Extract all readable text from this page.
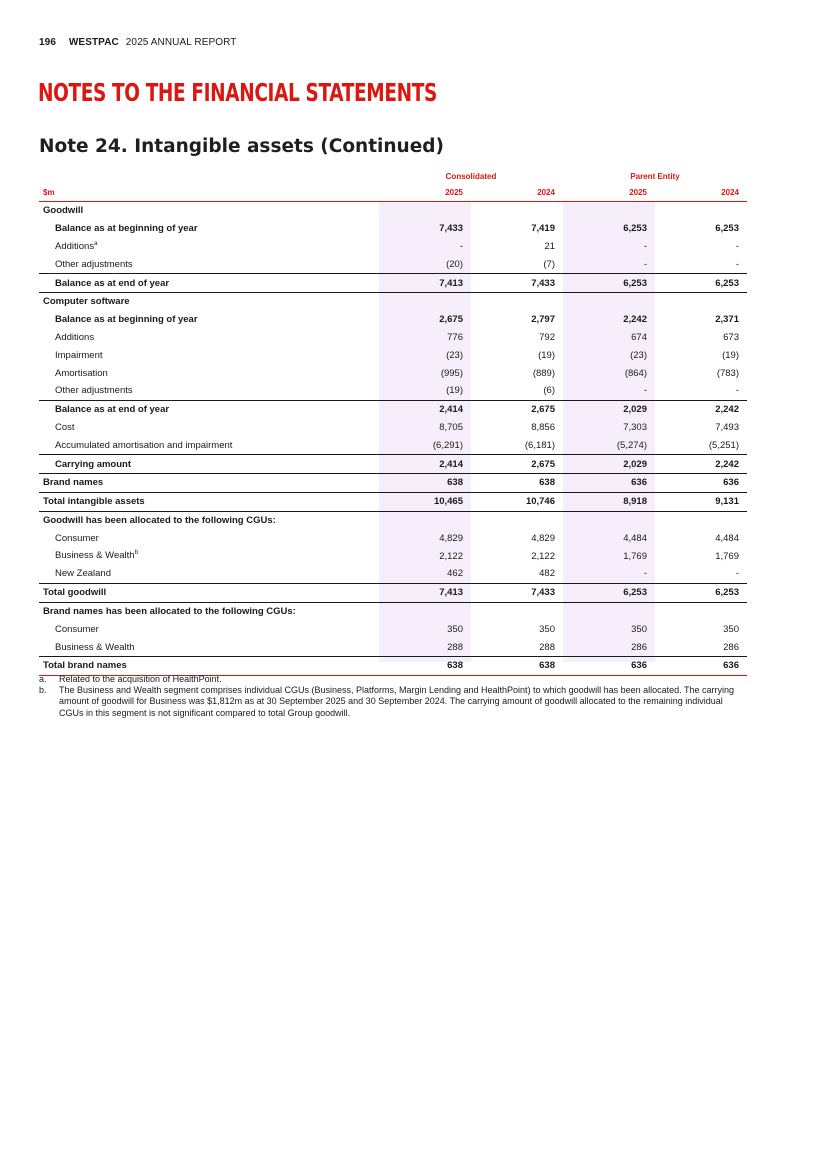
196 WESTPAC 2025 ANNUAL REPORT
NOTES TO THE FINANCIAL STATEMENTS
Note 24. Intangible assets (Continued)
Consolidated	Parent Entity
$m	2025	2024	2025	2024
Goodwill				
Balance as at beginning of year	7,433	7,419	6,253	6,253
Additions$^a$	-	21	-	-
Other adjustments	(20)	(7)	-	-
Balance as at end of year	7,413	7,433	6,253	6,253
Computer software				
Balance as at beginning of year	2,675	2,797	2,242	2,371
Additions	776	792	674	673
Impairment	(23)	(19)	(23)	(19)
Amortisation	(995)	(889)	(864)	(783)
Other adjustments	(19)	(6)	-	-
Balance as at end of year	2,414	2,675	2,029	2,242
Cost	8,705	8,856	7,303	7,493
Accumulated amortisation and impairment	(6,291)	(6,181)	(5,274)	(5,251)
Carrying amount	2,414	2,675	2,029	2,242
Brand names	638	638	636	636
Total intangible assets	10,465	10,746	8,918	9,131
Goodwill has been allocated to the following CGUs:				
Consumer	4,829	4,829	4,484	4,484
Business & Wealth$^b$	2,122	2,122	1,769	1,769
New Zealand	462	482	-	-
Total goodwill	7,413	7,433	6,253	6,253
Brand names has been allocated to the following CGUs:				
Consumer	350	350	350	350
Business & Wealth	288	288	286	286
Total brand names	638	638	636	636
a.	Related to the acquisition of HealthPoint.
b.	The Business and Wealth segment comprises individual CGUs (Business, Platforms, Margin Lending and HealthPoint) to which goodwill has been allocated. The carrying amount of goodwill for Business was $1,812m as at 30 September 2025 and 30 September 2024. The carrying amount of goodwill allocated to the remaining individual CGUs in this segment is not significant compared to total Group goodwill.
